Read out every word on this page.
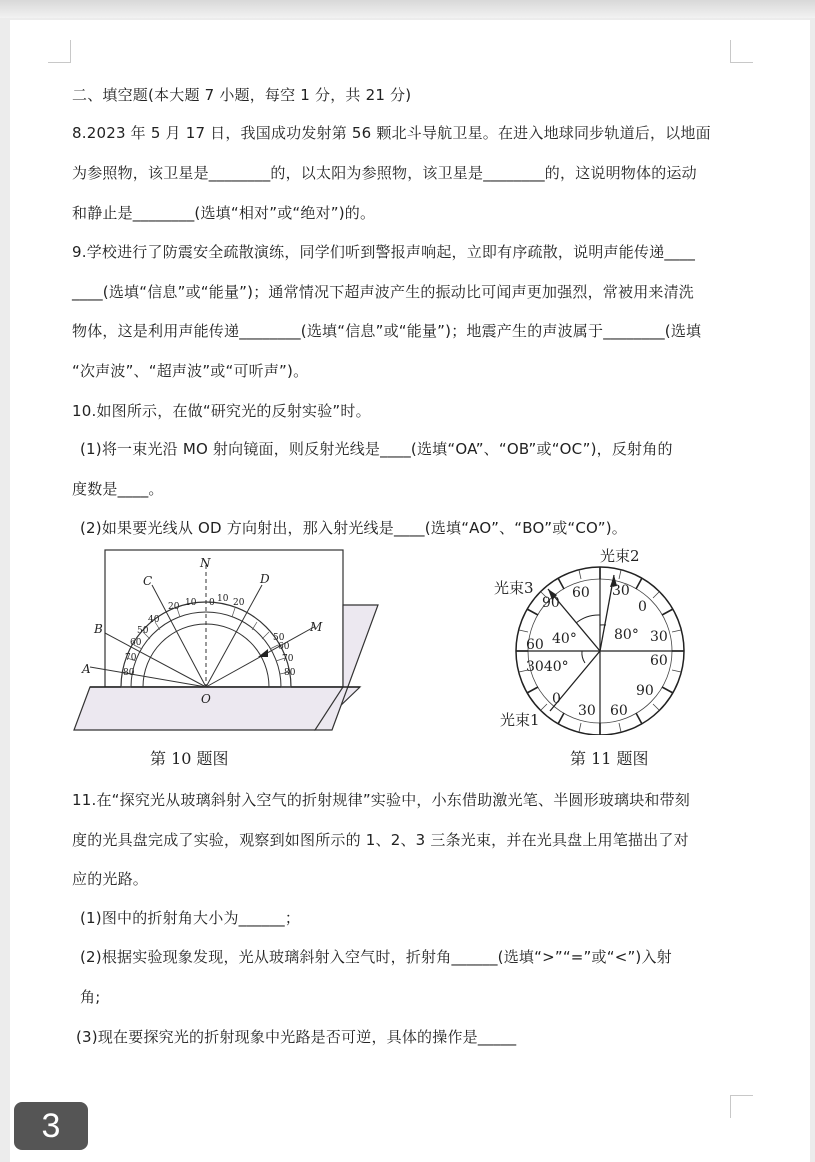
二、填空题(本大题 7 小题，每空 1 分，共 21 分)
8.2023 年 5 月 17 日，我国成功发射第 56 颗北斗导航卫星。在进入地球同步轨道后，以地面
为参照物，该卫星是________的，以太阳为参照物，该卫星是________的，这说明物体的运动
和静止是________(选填“相对”或“绝对”)的。
9.学校进行了防震安全疏散演练，同学们听到警报声响起，立即有序疏散，说明声能传递____
____(选填“信息”或“能量”)；通常情况下超声波产生的振动比可闻声更加强烈，常被用来清洗
物体，这是利用声能传递________(选填“信息”或“能量”)；地震产生的声波属于________(选填
“次声波”、“超声波”或“可听声”)。
10.如图所示，在做“研究光的反射实验”时。
(1)将一束光沿 MO 射向镜面，则反射光线是____(选填“OA”、“OB”或“OC”)，反射角的
度数是____。
(2)如果要光线从 OD 方向射出，那入射光线是____(选填“AO”、“BO”或“CO”)。
N
C	D
B
A
M
O
10
20
40
50
60
70
80
0 10 20
50
60
70
80
第 10 题图
90
60 30
0
60 40°	80° 30
3040°	60
90
0
30 60
光束2
光束3
光束1
第 11 题图
11.在“探究光从玻璃斜射入空气的折射规律”实验中，小东借助激光笔、半圆形玻璃块和带刻
度的光具盘完成了实验，观察到如图所示的 1、2、3 三条光束，并在光具盘上用笔描出了对
应的光路。
(1)图中的折射角大小为______；
(2)根据实验现象发现，光从玻璃斜射入空气时，折射角______(选填“>”“=”或“<”)入射
角;
(3)现在要探究光的折射现象中光路是否可逆，具体的操作是_____
3
